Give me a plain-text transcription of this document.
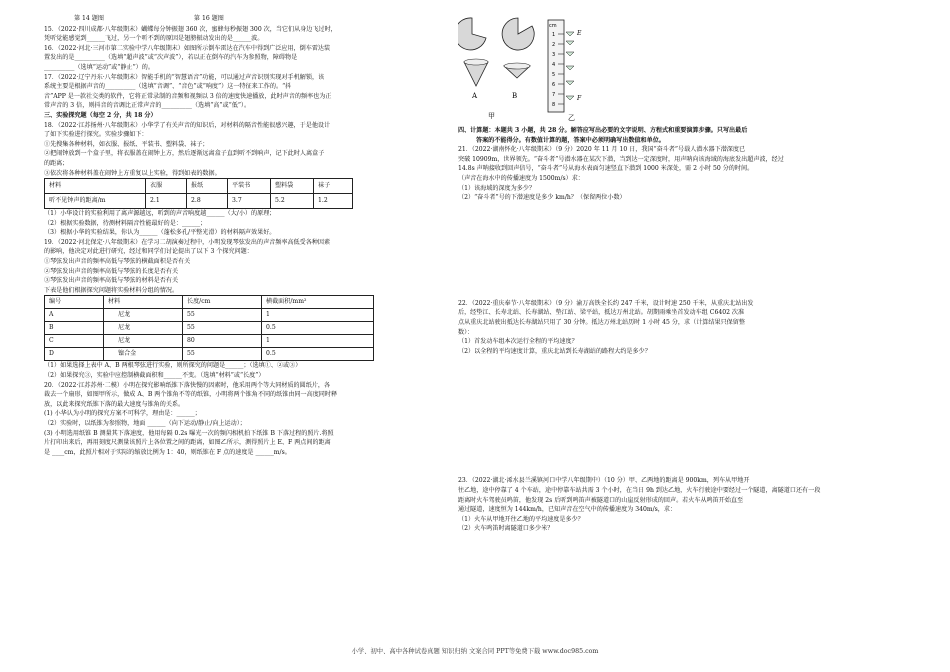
第 14 题图	第 16 题图

15．（2022·四川成都·八年级期末）蝴蝶每分钟振翅 360 次，蜜蜂每秒振翅 300 次，当它们从身边飞过时，

凭听觉能感觉到______飞过，另一个听不到的原因是翅膀振动发出的是______波。

16．（2022·河北·三河市第二实验中学八年级期末）如图所示倒车雷达在汽车中得到广泛应用，倒车雷达装

置发出的是__________（选填“超声波”或“次声波”），若以正在倒车的汽车为参照物，障碍物是

__________（选填“运动”或“静止”）的。

17．（2022·辽宁丹东·八年级期末）智能手机的“智慧语音”功能，可以通过声音识别实现对手机解锁，该

系统主要是根据声音的__________（选填“音调”、“音色”或“响度”）这一特征来工作的。“抖

音”APP 是一款社交类的软件，它将正常录制的音频和视频以 3 倍的速度快速播放，此时声音的频率也为正

常声音的 3 倍，则抖音的音调比正常声音的__________（选填“高”或“低”）。

三、实验探究题（每空 2 分，共 18 分）

18．（2022·江苏扬州·八年级期末）小华学了有关声音的知识后，对材料的隔音性能很感兴趣，于是他设计

了如下实验进行探究。实验步骤如下：

①先搜集各种材料，如衣服、报纸、平装书、塑料袋、袜子；

②把闹钟放到一个盒子里，将衣服盖在闹钟上方，然后逐渐远离盒子直到听不到响声，记下此时人离盒子

的距离；

③依次将各种材料盖在闹钟上方重复以上实验，得到如表的数据。

材料	衣服	报纸	平装书	塑料袋	袜子
听不见钟声的距离/m	2.1	2.8	3.7	5.2	1.2

（1）小华设计的实验利用了离声源越远，听到的声音响度越______（大/小）的原理；

（2）根据实验数据，待测材料隔音性能最好的是：______；

（3）根据小华的实验结果，你认为______（蓬松多孔/平整光滑）的材料隔声效果好。

19．（2022·河北保定·八年级期末）在学习二胡演奏过程中，小明发现琴弦发出的声音频率高低受各种因素

的影响，他决定对此进行研究，经过和同学们讨论提出了以下 3 个探究问题：

①琴弦发出声音的频率高低与琴弦的横截面积是否有关

②琴弦发出声音的频率高低与琴弦的长度是否有关

③琴弦发出声音的频率高低与琴弦的材料是否有关

下表是他们根据探究问题将实验材料分组的情况。

编号	材料	长度/cm	横截面积/mm²
A	尼龙	55	1
B	尼龙	55	0.5
C	尼龙	80	1
D	镍合金	55	0.5

（1）如果选择上表中 A、B 两根琴弦进行实验，则所探究的问题是______；（选填①、②或③）

（2）如果探究③，实验中应控制横截面积和______不变。（选填“材料”或“长度”）

20．（2022·江苏苏州·二模）小明在探究影响纸锥下落快慢的因素时，他采用两个等大同材质的圆纸片，各

裁去一个扇形，如图甲所示，做成 A、B 两个锥角不等的纸锥，小明将两个锥角不同的纸锥由同一高度同时释

放，以此来探究纸锥下落的最大速度与锥角的关系。

(1) 小华认为小明的探究方案不可科学，理由是：______；

（2）实验时，以纸锥为参照物，地面 ______（向下运动/静止/向上运动）；

(3) 小明选用纸锥 B 测量其下落速度，他用每隔 0.2s 曝光一次的频闪相机拍下纸锥 B 下落过程的照片.将照

片打印出来后，再用刻度尺测量该照片上各位置之间的距离，如图乙所示，测得照片上 E、F 两点间的距离

是 ____cm，此照片相对于实际的缩放比例为 1：40，则纸锥在 F 点的速度是 ______m/s。

A	B
甲
cm
1
2
3
4
5
6
7
8
E
F
乙

四、计算题：本题共 3 小题，共 28 分。解答应写出必要的文字说明、方程式和重要演算步骤。只写出最后

答案的不能得分。有数值计算的题，答案中必须明确写出数值和单位。

21．（2022·湖南怀化·八年级期末）（9 分）2020 年 11 月 10 日，我国“奋斗者”号载人潜水器下潜深度已

突破 10909m，世界领先。“奋斗者”号潜水器在某次下潜，当到达一定深度时，用声呐向该海域的海底发出超声波，经过

14.8s 声呐接收到回声信号，“奋斗者”号从海水表面匀速竖直下潜到 1000 米深处，需 2 小时 50 分的时间。

（声音在海水中的传播速度为 1500m/s）求：

（1）该海域的深度为多少？

（2）“奋斗者”号的下潜速度是多少 km/h？（保留两位小数）

22．（2022·重庆奉节·八年级期末）（9 分）渝万高铁全长约 247 千米，设计时速 250 千米，从重庆北站出发

后，经垫江、长寿北站、长寿湖站、垫江站、梁平站，抵达万州北站。胡期雨乘坐首发动车组 C6402 次准

点从重庆北站驶出抵达长寿湖站只用了 30 分钟。抵达万州北站历时 1 小时 45 分，求（计算结果只保留整

数）：

（1）首发动车组本次运行全程的平均速度？

（2）以全程的平均速度计算，重庆北站到长寿湖站的路程大约是多少？

23．（2022·湖北·浠水县兰溪镇河口中学八年级期中）（10 分）甲、乙两地的距离是 900km，列车从甲地开

往乙地，途中停靠了 4 个车站，途中停靠车站共需 3 个小时，在当日 9h 到达乙地，火车行驶途中要经过一个隧道，离隧道口还有一段

距离时火车驾驶员鸣笛，他发现 2s 后听到鸣笛声被隧道口的山崖反射形成的回声。若火车从鸣笛开始直至

通过隧道，速度恒为 144km/h，已知声音在空气中的传播速度为 340m/s，求：

（1）火车从甲地开往乙地的平均速度是多少？

（2）火车鸣笛时离隧道口多少米？

小学、初中、高中各种试卷真题 知识归纳 文案合同 PPT等免费下载 www.doc985.com
